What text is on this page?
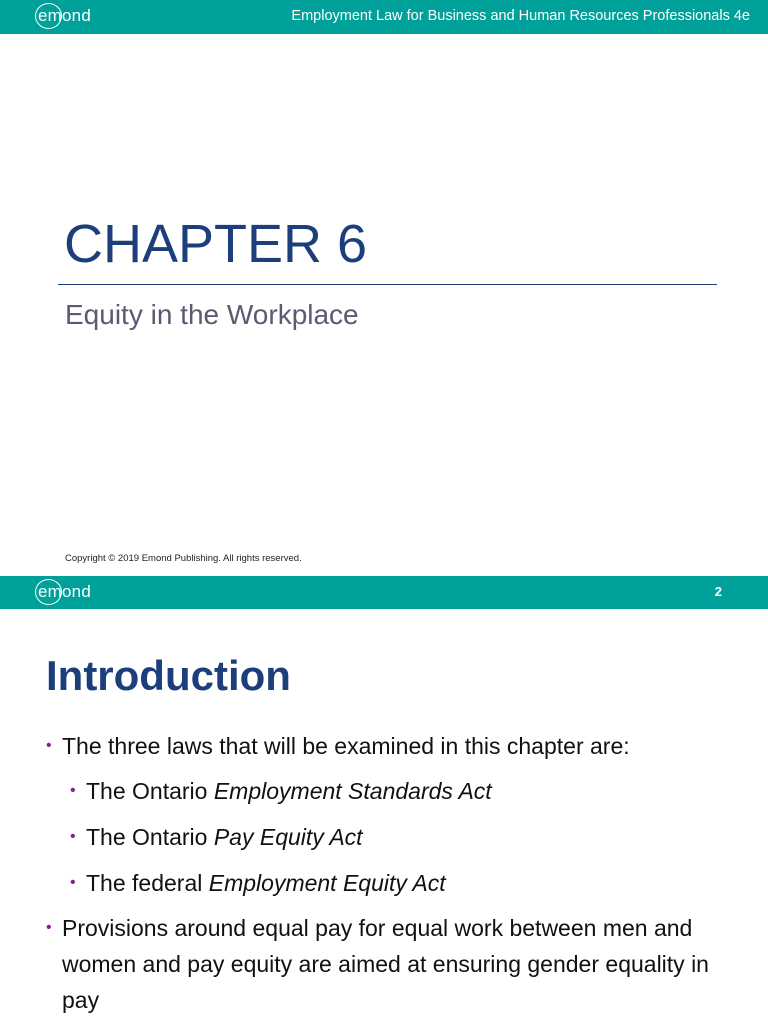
emond	Employment Law for Business and Human Resources Professionals 4e
CHAPTER 6
Equity in the Workplace
Copyright © 2019 Emond Publishing. All rights reserved.
emond	2
Introduction
• The three laws that will be examined in this chapter are:
• The Ontario Employment Standards Act
• The Ontario Pay Equity Act
• The federal Employment Equity Act
• Provisions around equal pay for equal work between men and women and pay equity are aimed at ensuring gender equality in pay
